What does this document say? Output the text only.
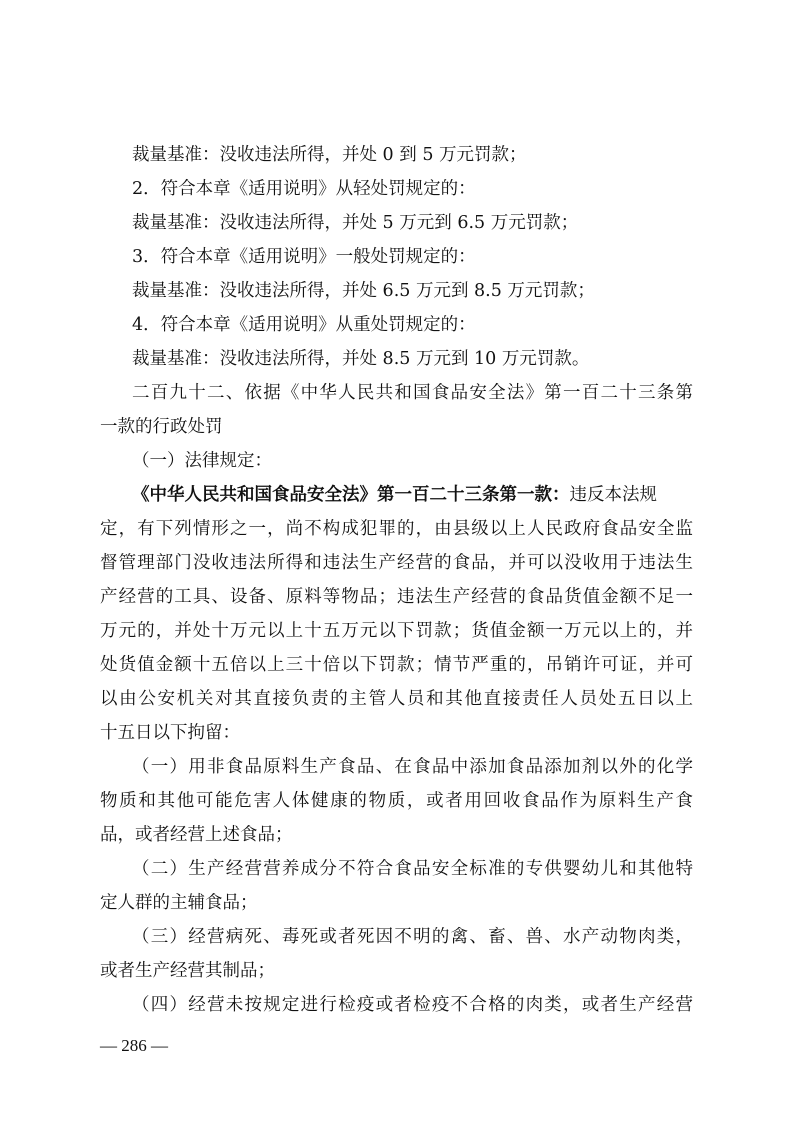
裁量基准：没收违法所得，并处 0 到 5 万元罚款；
2．符合本章《适用说明》从轻处罚规定的：
裁量基准：没收违法所得，并处 5 万元到 6.5 万元罚款；
3．符合本章《适用说明》一般处罚规定的：
裁量基准：没收违法所得，并处 6.5 万元到 8.5 万元罚款；
4．符合本章《适用说明》从重处罚规定的：
裁量基准：没收违法所得，并处 8.5 万元到 10 万元罚款。
二百九十二、依据《中华人民共和国食品安全法》第一百二十三条第
一款的行政处罚
（一）法律规定：
《中华人民共和国食品安全法》第一百二十三条第一款：违反本法规
定，有下列情形之一，尚不构成犯罪的，由县级以上人民政府食品安全监
督管理部门没收违法所得和违法生产经营的食品，并可以没收用于违法生
产经营的工具、设备、原料等物品；违法生产经营的食品货值金额不足一
万元的，并处十万元以上十五万元以下罚款；货值金额一万元以上的，并
处货值金额十五倍以上三十倍以下罚款；情节严重的，吊销许可证，并可
以由公安机关对其直接负责的主管人员和其他直接责任人员处五日以上
十五日以下拘留：
（一）用非食品原料生产食品、在食品中添加食品添加剂以外的化学
物质和其他可能危害人体健康的物质，或者用回收食品作为原料生产食
品，或者经营上述食品；
（二）生产经营营养成分不符合食品安全标准的专供婴幼儿和其他特
定人群的主辅食品；
（三）经营病死、毒死或者死因不明的禽、畜、兽、水产动物肉类，
或者生产经营其制品；
（四）经营未按规定进行检疫或者检疫不合格的肉类，或者生产经营
— 286 —
